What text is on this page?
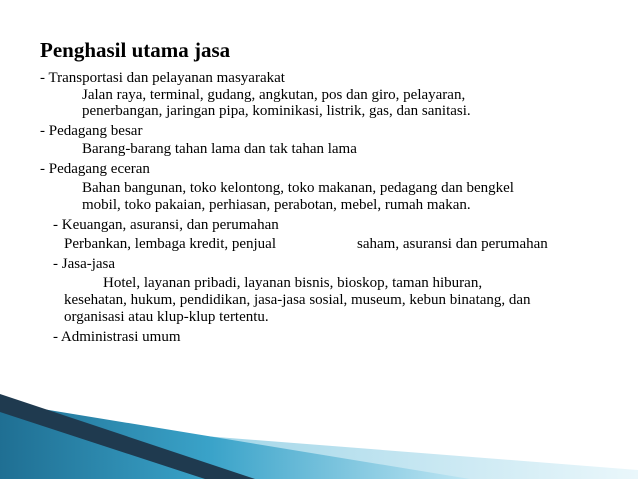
Penghasil utama jasa
- Transportasi dan pelayanan masyarakat
Jalan raya, terminal, gudang, angkutan, pos dan giro, pelayaran,
penerbangan, jaringan pipa, kominikasi, listrik, gas, dan sanitasi.
- Pedagang besar
Barang-barang tahan lama dan tak tahan lama
- Pedagang eceran
Bahan bangunan, toko kelontong, toko makanan, pedagang dan bengkel
mobil, toko pakaian, perhiasan, perabotan, mebel, rumah makan.
- Keuangan, asuransi, dan perumahan
Perbankan, lembaga kredit, penjual	saham, asuransi dan perumahan
- Jasa-jasa
Hotel, layanan pribadi, layanan bisnis, bioskop, taman hiburan,
kesehatan, hukum, pendidikan, jasa-jasa sosial, museum, kebun binatang, dan
organisasi atau klup-klup tertentu.
- Administrasi umum
